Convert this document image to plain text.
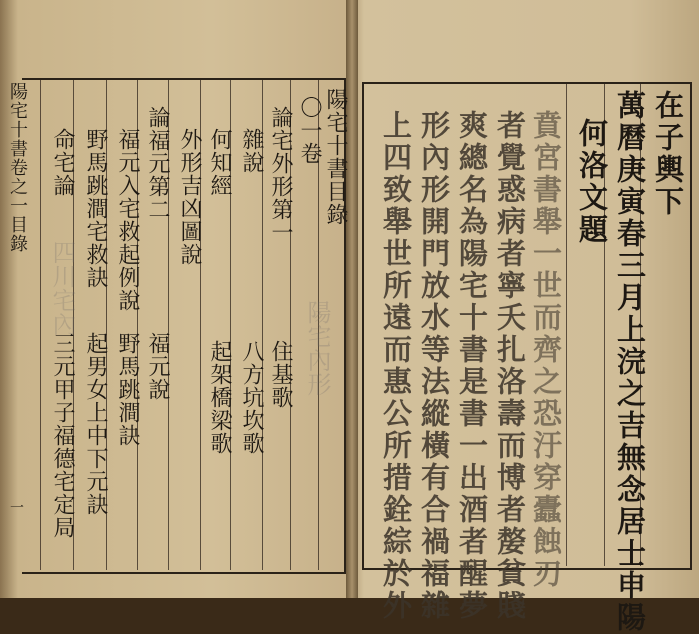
陽宅內形
四川宅內
陽宅十書目錄
〇一卷
論宅外形第一
住基歌
雜說
八方坑坎歌
何知經
起架橋梁歌
外形吉凶圖說
論福元第二
福元說
福元入宅救起例說
野馬跳澗訣
野馬跳澗宅救訣
起男女上中下元訣
命宅論
三元甲子福德宅定局
陽宅十書卷之一目錄
一
在子輿下
萬曆庚寅春三月上浣之吉無念居士申陽
何洛文題
賁宮書舉一世而齊之恐汙穿蠹蝕刃
者覺惑病者寧夭扎洛壽而博者嫠貧賤
爽總名為陽宅十書是書一出酒者醒夢
形內形開門放水等法縱橫有合禍福雜
上四致舉世所遠而惠公所措銓綜於外
